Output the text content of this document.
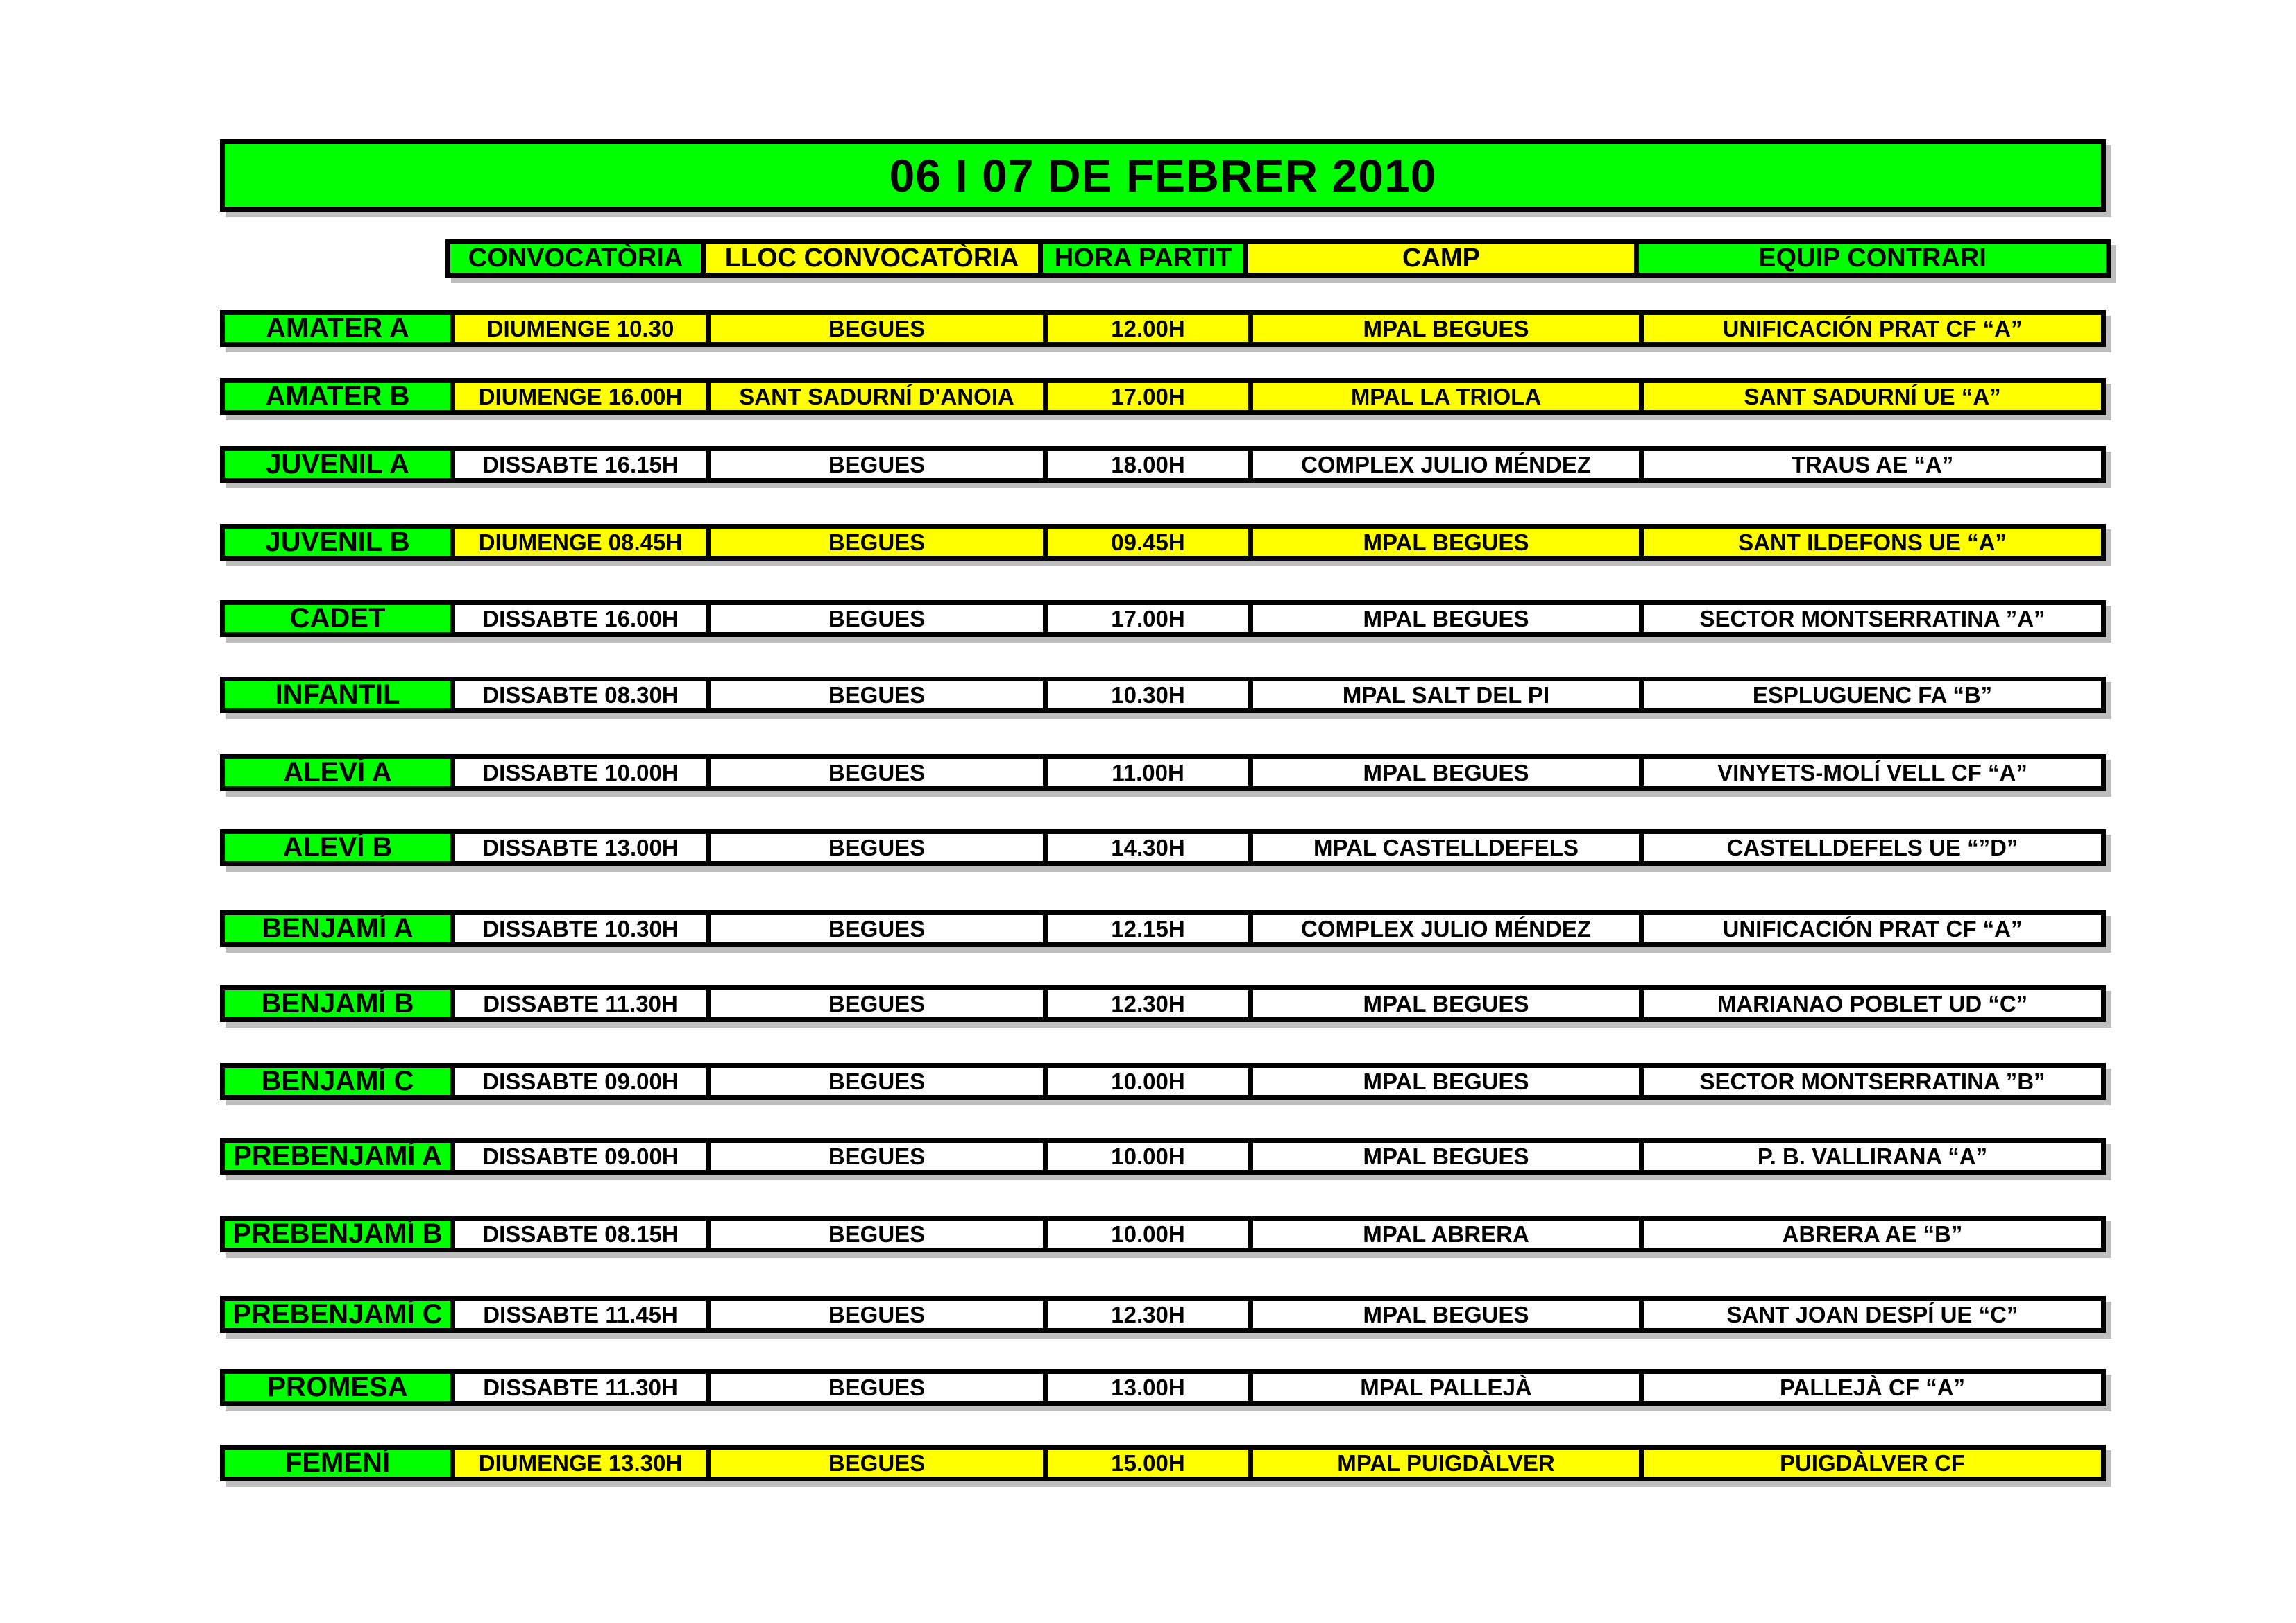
06 I 07 DE FEBRER 2010
CONVOCATÒRIA	LLOC CONVOCATÒRIA	HORA PARTIT	CAMP	EQUIP CONTRARI
AMATER A	DIUMENGE 10.30	BEGUES	12.00H	MPAL BEGUES	UNIFICACIÓN PRAT CF “A”
AMATER B	DIUMENGE 16.00H	SANT SADURNÍ D'ANOIA	17.00H	MPAL LA TRIOLA	SANT SADURNÍ UE “A”
JUVENIL A	DISSABTE 16.15H	BEGUES	18.00H	COMPLEX JULIO MÉNDEZ	TRAUS AE “A”
JUVENIL B	DIUMENGE 08.45H	BEGUES	09.45H	MPAL BEGUES	SANT ILDEFONS UE “A”
CADET	DISSABTE 16.00H	BEGUES	17.00H	MPAL BEGUES	SECTOR MONTSERRATINA ”A”
INFANTIL	DISSABTE 08.30H	BEGUES	10.30H	MPAL SALT DEL PI	ESPLUGUENC FA “B”
ALEVÍ A	DISSABTE 10.00H	BEGUES	11.00H	MPAL BEGUES	VINYETS-MOLÍ VELL CF “A”
ALEVÍ B	DISSABTE 13.00H	BEGUES	14.30H	MPAL CASTELLDEFELS	CASTELLDEFELS UE “”D”
BENJAMÍ A	DISSABTE 10.30H	BEGUES	12.15H	COMPLEX JULIO MÉNDEZ	UNIFICACIÓN PRAT CF “A”
BENJAMÍ B	DISSABTE 11.30H	BEGUES	12.30H	MPAL BEGUES	MARIANAO POBLET UD “C”
BENJAMÍ C	DISSABTE 09.00H	BEGUES	10.00H	MPAL BEGUES	SECTOR MONTSERRATINA ”B”
PREBENJAMÍ A	DISSABTE 09.00H	BEGUES	10.00H	MPAL BEGUES	P. B. VALLIRANA “A”
PREBENJAMÍ B	DISSABTE 08.15H	BEGUES	10.00H	MPAL ABRERA	ABRERA AE “B”
PREBENJAMÍ C	DISSABTE 11.45H	BEGUES	12.30H	MPAL BEGUES	SANT JOAN DESPÍ UE “C”
PROMESA	DISSABTE 11.30H	BEGUES	13.00H	MPAL PALLEJÀ	PALLEJÀ CF “A”
FEMENÍ	DIUMENGE 13.30H	BEGUES	15.00H	MPAL PUIGDÀLVER	PUIGDÀLVER CF
